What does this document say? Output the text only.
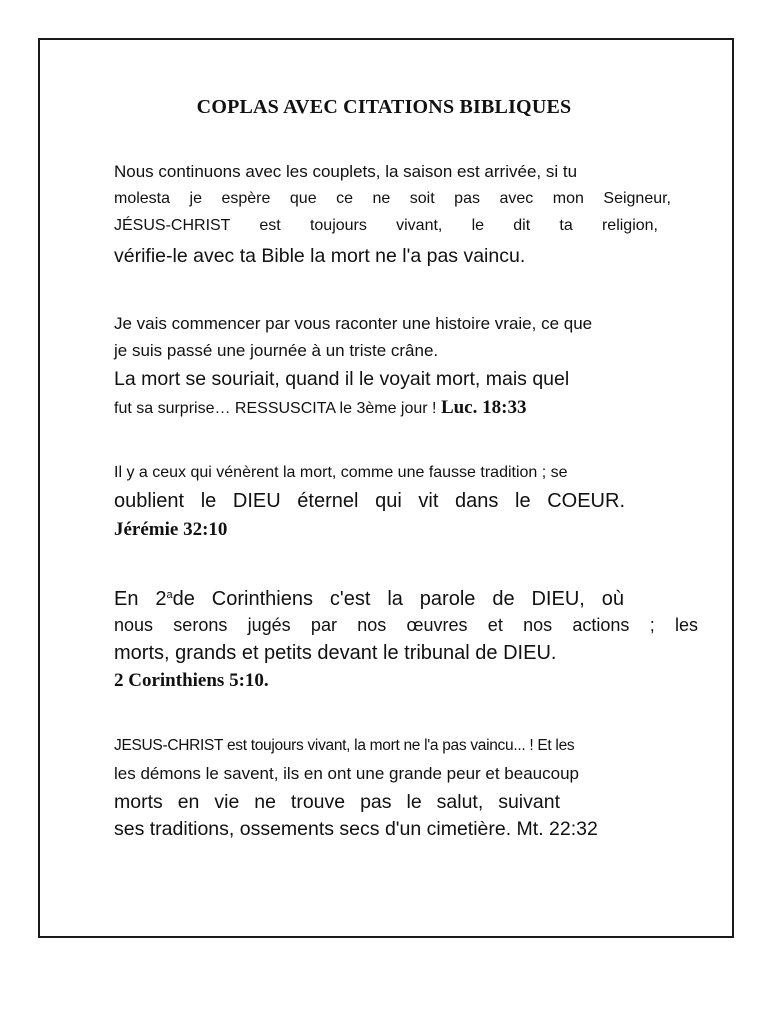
COPLAS AVEC CITATIONS BIBLIQUES
Nous continuons avec les couplets, la saison est arrivée, si tu
molesta je espère que ce ne soit pas avec mon Seigneur,
JÉSUS-CHRIST est toujours vivant, le dit ta religion,
vérifie-le avec ta Bible la mort ne l'a pas vaincu.
Je vais commencer par vous raconter une histoire vraie, ce que
je suis passé une journée à un triste crâne.
La mort se souriait, quand il le voyait mort, mais quel
fut sa surprise… RESSUSCITA le 3ème jour ! Luc. 18:33
Il y a ceux qui vénèrent la mort, comme une fausse tradition ; se
oublient le DIEU éternel qui vit dans le COEUR.
Jérémie 32:10
En 2$^a$de Corinthiens c'est la parole de DIEU, où
nous serons jugés par nos œuvres et nos actions ; les
morts, grands et petits devant le tribunal de DIEU.
2 Corinthiens 5:10.
JESUS-CHRIST est toujours vivant, la mort ne l'a pas vaincu... ! Et les
les démons le savent, ils en ont une grande peur et beaucoup
morts en vie ne trouve pas le salut, suivant
ses traditions, ossements secs d'un cimetière. Mt. 22:32
